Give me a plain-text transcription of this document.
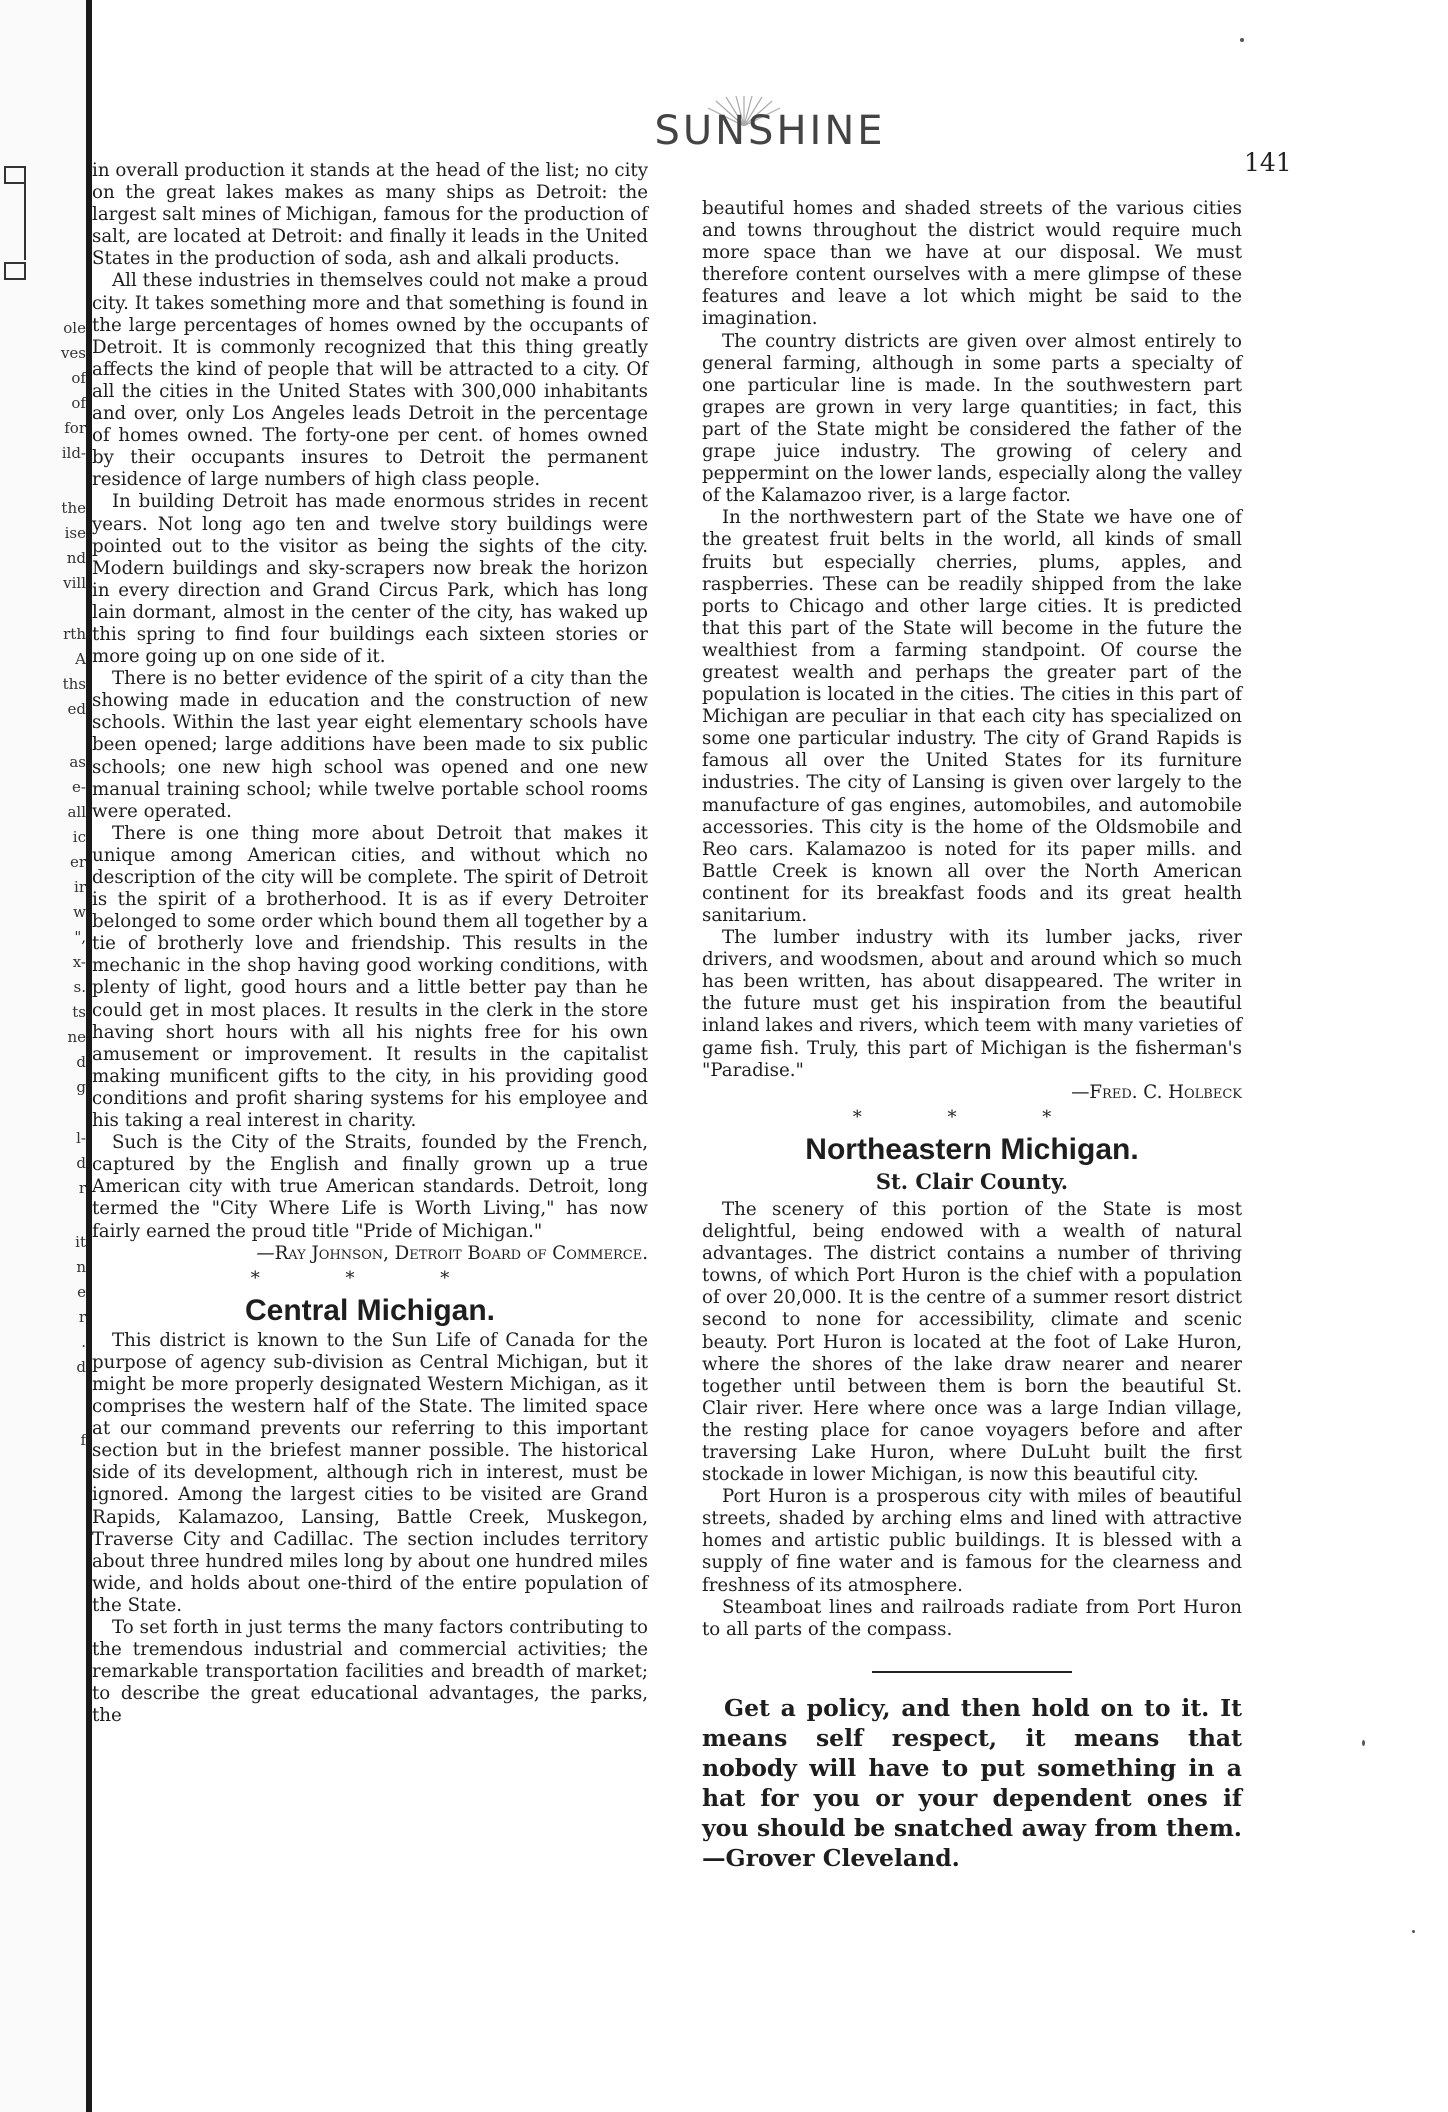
ole
ves
of
of
for
ild-
the
ise
nd
vill
rth
A
ths
ed
as
e-
all
ic
er
ir
w
",
x-
s.
ts
ne
d
g
l-
d
r
it
n
e
r
.
d
f
SUNSHINE
141

in overall production it stands at the head of the list; no city on the great lakes makes as many ships as Detroit: the largest salt mines of Michigan, famous for the production of salt, are located at Detroit: and finally it leads in the United States in the production of soda, ash and alkali products.

All these industries in themselves could not make a proud city. It takes something more and that something is found in the large percentages of homes owned by the occupants of Detroit. It is commonly recognized that this thing greatly affects the kind of people that will be attracted to a city. Of all the cities in the United States with 300,000 inhabitants and over, only Los Angeles leads Detroit in the percentage of homes owned. The forty-one per cent. of homes owned by their occupants insures to Detroit the permanent residence of large numbers of high class people.

In building Detroit has made enormous strides in recent years. Not long ago ten and twelve story buildings were pointed out to the visitor as being the sights of the city. Modern buildings and sky-scrapers now break the horizon in every direction and Grand Circus Park, which has long lain dormant, almost in the center of the city, has waked up this spring to find four buildings each sixteen stories or more going up on one side of it.

There is no better evidence of the spirit of a city than the showing made in education and the construction of new schools. Within the last year eight elementary schools have been opened; large additions have been made to six public schools; one new high school was opened and one new manual training school; while twelve portable school rooms were operated.

There is one thing more about Detroit that makes it unique among American cities, and without which no description of the city will be complete. The spirit of Detroit is the spirit of a brotherhood. It is as if every Detroiter belonged to some order which bound them all together by a tie of brotherly love and friendship. This results in the mechanic in the shop having good working conditions, with plenty of light, good hours and a little better pay than he could get in most places. It results in the clerk in the store having short hours with all his nights free for his own amusement or improvement. It results in the capitalist making munificent gifts to the city, in his providing good conditions and profit sharing systems for his employee and his taking a real interest in charity.

Such is the City of the Straits, founded by the French, captured by the English and finally grown up a true American city with true American standards. Detroit, long termed the "City Where Life is Worth Living," has now fairly earned the proud title "Pride of Michigan."

—Ray Johnson, Detroit Board of Commerce.

* * *
Central Michigan.

This district is known to the Sun Life of Canada for the purpose of agency sub-division as Central Michigan, but it might be more properly designated Western Michigan, as it comprises the western half of the State. The limited space at our command prevents our referring to this important section but in the briefest manner possible. The historical side of its development, although rich in interest, must be ignored. Among the largest cities to be visited are Grand Rapids, Kalamazoo, Lansing, Battle Creek, Muskegon, Traverse City and Cadillac. The section includes territory about three hundred miles long by about one hundred miles wide, and holds about one-third of the entire population of the State.

To set forth in just terms the many factors contributing to the tremendous industrial and commercial activities; the remarkable transportation facilities and breadth of market; to describe the great educational advantages, the parks, the

beautiful homes and shaded streets of the various cities and towns throughout the district would require much more space than we have at our disposal. We must therefore content ourselves with a mere glimpse of these features and leave a lot which might be said to the imagination.

The country districts are given over almost entirely to general farming, although in some parts a specialty of one particular line is made. In the southwestern part grapes are grown in very large quantities; in fact, this part of the State might be considered the father of the grape juice industry. The growing of celery and peppermint on the lower lands, especially along the valley of the Kalamazoo river, is a large factor.

In the northwestern part of the State we have one of the greatest fruit belts in the world, all kinds of small fruits but especially cherries, plums, apples, and raspberries. These can be readily shipped from the lake ports to Chicago and other large cities. It is predicted that this part of the State will become in the future the wealthiest from a farming standpoint. Of course the greatest wealth and perhaps the greater part of the population is located in the cities. The cities in this part of Michigan are peculiar in that each city has specialized on some one particular industry. The city of Grand Rapids is famous all over the United States for its furniture industries. The city of Lansing is given over largely to the manufacture of gas engines, automobiles, and automobile accessories. This city is the home of the Oldsmobile and Reo cars. Kalamazoo is noted for its paper mills. and Battle Creek is known all over the North American continent for its breakfast foods and its great health sanitarium.

The lumber industry with its lumber jacks, river drivers, and woodsmen, about and around which so much has been written, has about disappeared. The writer in the future must get his inspiration from the beautiful inland lakes and rivers, which teem with many varieties of game fish. Truly, this part of Michigan is the fisherman's "Paradise."

—Fred. C. Holbeck

* * *
Northeastern Michigan.
St. Clair County.

The scenery of this portion of the State is most delightful, being endowed with a wealth of natural advantages. The district contains a number of thriving towns, of which Port Huron is the chief with a population of over 20,000. It is the centre of a summer resort district second to none for accessibility, climate and scenic beauty. Port Huron is located at the foot of Lake Huron, where the shores of the lake draw nearer and nearer together until between them is born the beautiful St. Clair river. Here where once was a large Indian village, the resting place for canoe voyagers before and after traversing Lake Huron, where DuLuht built the first stockade in lower Michigan, is now this beautiful city.

Port Huron is a prosperous city with miles of beautiful streets, shaded by arching elms and lined with attractive homes and artistic public buildings. It is blessed with a supply of fine water and is famous for the clearness and freshness of its atmosphere.

Steamboat lines and railroads radiate from Port Huron to all parts of the compass.

Get a policy, and then hold on to it. It means self respect, it means that nobody will have to put something in a hat for you or your dependent ones if you should be snatched away from them. —Grover Cleveland.
